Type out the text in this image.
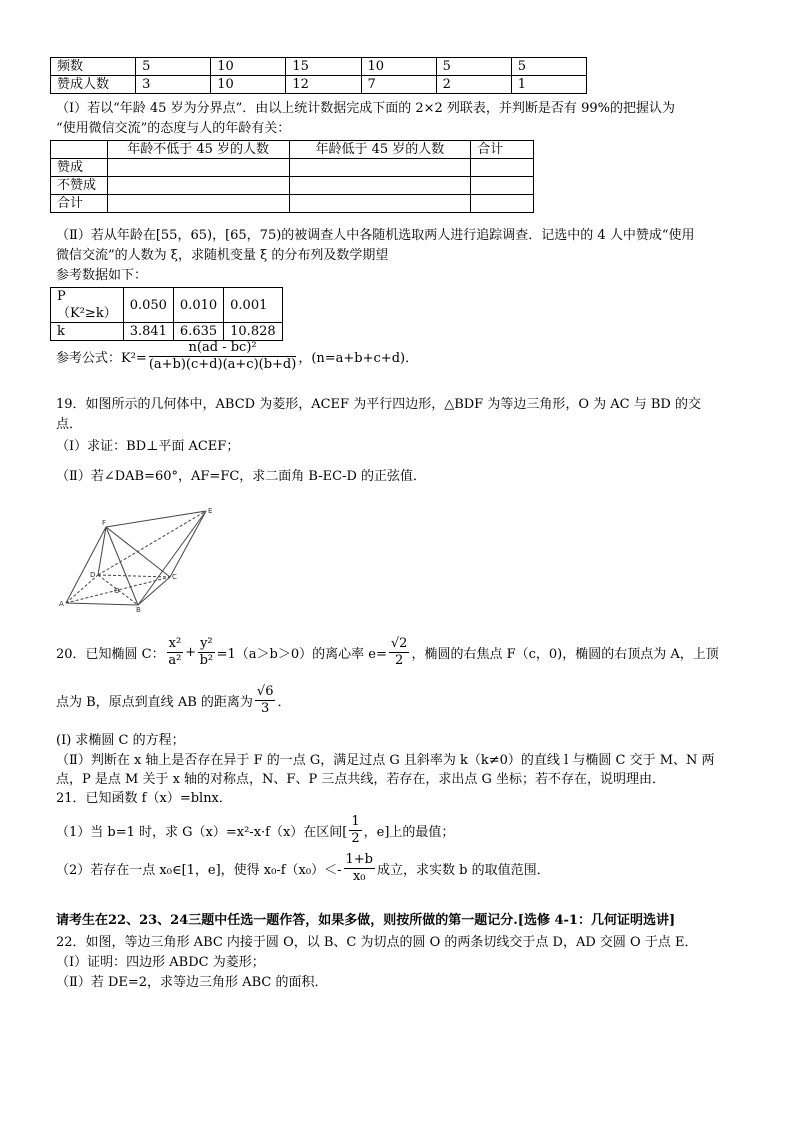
频数	5	10	15	10	5	5
赞成人数	3	10	12	7	2	1
（Ⅰ）若以“年龄 45 岁为分界点”．由以上统计数据完成下面的 2×2 列联表，并判断是否有 99%的把握认为
“使用微信交流”的态度与人的年龄有关：
	年龄不低于 45 岁的人数	年龄低于 45 岁的人数	合计
赞成			
不赞成			
合计			
（Ⅱ）若从年龄在[55，65)，[65，75)的被调查人中各随机选取两人进行追踪调查．记选中的 4 人中赞成“使用
微信交流”的人数为 ξ，求随机变量 ξ 的分布列及数学期望
参考数据如下：
P（K²≥k）	0.050	0.010	0.001
k	3.841	6.635	10.828
参考公式：$K^2= \frac{\text{n(ad - bc)²}}{(a+b)(c+d)(a+c)(b+d)}$ ，(n=a+b+c+d)．
19．如图所示的几何体中，ABCD 为菱形，ACEF 为平行四边形，△BDF 为等边三角形，O 为 AC 与 BD 的交
点．
（Ⅰ）求证：BD⊥平面 ACEF；
（Ⅱ）若∠DAB=60°，AF=FC，求二面角 B-EC-D 的正弦值．
E
F
D	C
O
A
B
20．已知椭圆 C： $\frac{\text{x²}}{\text{a²}} + \frac{\text{y²}}{\text{b²}} =1(a>b>0)$的离心率 $e= \frac{√2}{2}$ ，椭圆的右焦点 F（c，0)，椭圆的右顶点为 A，上顶
点为 B，原点到直线 AB 的距离为 $\frac{√6}{3}$ ．
(Ⅰ) 求椭圆 C 的方程；
（Ⅱ）判断在 x 轴上是否存在异于 F 的一点 G，满足过点 G 且斜率为 k（k≠0）的直线 l 与椭圆 C 交于 M、N 两
点，P 是点 M 关于 x 轴的对称点，N、F、P 三点共线，若存在，求出点 G 坐标；若不存在，说明理由．
21．已知函数 f（x）=blnx．
（1）当 b=1 时，求 G（x）=x²-x·f（x）在区间[ $\frac{1}{2}$ ，e]上的最值；
（2）若存在一点 x₀∈[1，e]，使得 $x_0-f(x_0)<- \frac{1+b}{\text{x₀}}$ 成立，求实数 b 的取值范围．
请考生在22、23、24三题中任选一题作答，如果多做，则按所做的第一题记分.[选修 4-1：几何证明选讲]
22．如图，等边三角形 ABC 内接于圆 O，以 B、C 为切点的圆 O 的两条切线交于点 D，AD 交圆 O 于点 E．
（Ⅰ）证明：四边形 ABDC 为菱形；
（Ⅱ）若 DE=2，求等边三角形 ABC 的面积．
